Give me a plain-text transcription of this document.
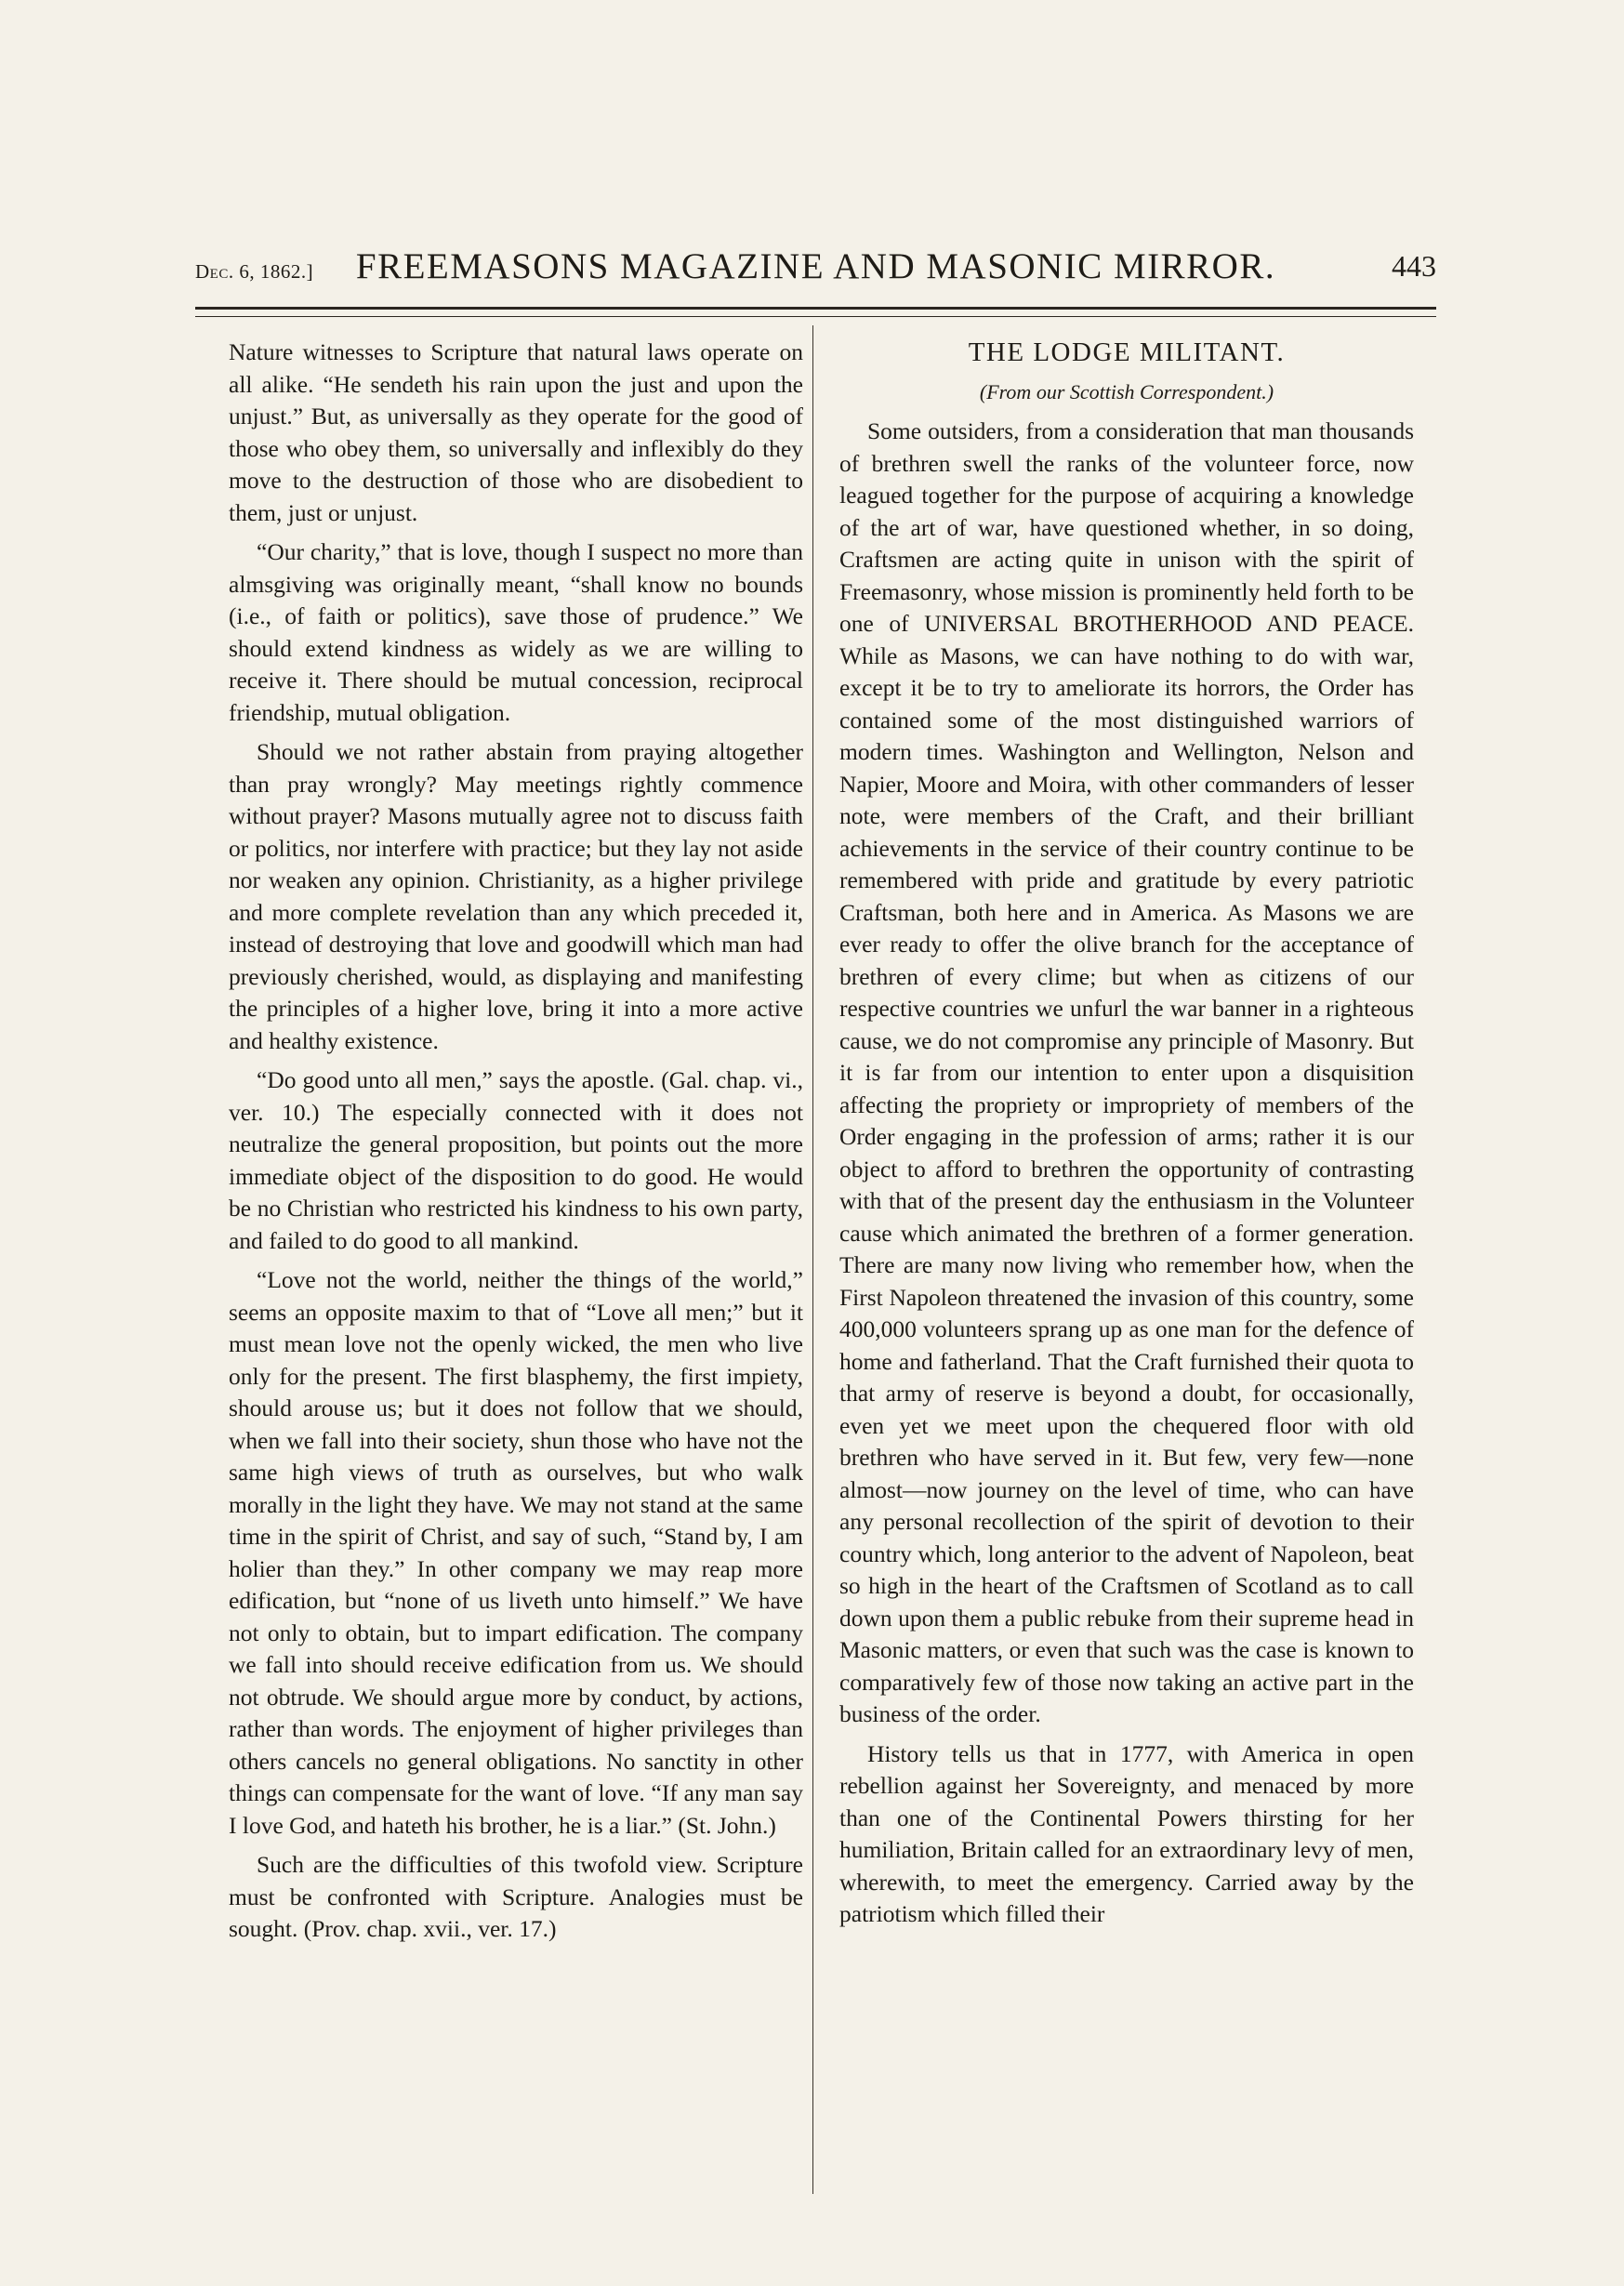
Dec. 6, 1862.]	FREEMASONS MAGAZINE AND MASONIC MIRROR.	443

Nature witnesses to Scripture that natural laws operate on all alike. “He sendeth his rain upon the just and upon the unjust.” But, as universally as they operate for the good of those who obey them, so universally and inflexibly do they move to the destruction of those who are disobedient to them, just or unjust.

“Our charity,” that is love, though I suspect no more than almsgiving was originally meant, “shall know no bounds (i.e., of faith or politics), save those of prudence.” We should extend kindness as widely as we are willing to receive it. There should be mutual concession, reciprocal friendship, mutual obligation.

Should we not rather abstain from praying altogether than pray wrongly? May meetings rightly commence without prayer? Masons mutually agree not to discuss faith or politics, nor interfere with practice; but they lay not aside nor weaken any opinion. Christianity, as a higher privilege and more complete revelation than any which preceded it, instead of destroying that love and goodwill which man had previously cherished, would, as displaying and manifesting the principles of a higher love, bring it into a more active and healthy existence.

“Do good unto all men,” says the apostle. (Gal. chap. vi., ver. 10.) The especially connected with it does not neutralize the general proposition, but points out the more immediate object of the disposition to do good. He would be no Christian who restricted his kindness to his own party, and failed to do good to all mankind.

“Love not the world, neither the things of the world,” seems an opposite maxim to that of “Love all men;” but it must mean love not the openly wicked, the men who live only for the present. The first blasphemy, the first impiety, should arouse us; but it does not follow that we should, when we fall into their society, shun those who have not the same high views of truth as ourselves, but who walk morally in the light they have. We may not stand at the same time in the spirit of Christ, and say of such, “Stand by, I am holier than they.” In other company we may reap more edification, but “none of us liveth unto himself.” We have not only to obtain, but to impart edification. The company we fall into should receive edification from us. We should not obtrude. We should argue more by conduct, by actions, rather than words. The enjoyment of higher privileges than others cancels no general obligations. No sanctity in other things can compensate for the want of love. “If any man say I love God, and hateth his brother, he is a liar.” (St. John.)

Such are the difficulties of this twofold view. Scripture must be confronted with Scripture. Analogies must be sought. (Prov. chap. xvii., ver. 17.)

THE LODGE MILITANT.

(From our Scottish Correspondent.)

Some outsiders, from a consideration that man thousands of brethren swell the ranks of the volunteer force, now leagued together for the purpose of acquiring a knowledge of the art of war, have questioned whether, in so doing, Craftsmen are acting quite in unison with the spirit of Freemasonry, whose mission is prominently held forth to be one of UNIVERSAL BROTHERHOOD AND PEACE. While as Masons, we can have nothing to do with war, except it be to try to ameliorate its horrors, the Order has contained some of the most distinguished warriors of modern times. Washington and Wellington, Nelson and Napier, Moore and Moira, with other commanders of lesser note, were members of the Craft, and their brilliant achievements in the service of their country continue to be remembered with pride and gratitude by every patriotic Craftsman, both here and in America. As Masons we are ever ready to offer the olive branch for the acceptance of brethren of every clime; but when as citizens of our respective countries we unfurl the war banner in a righteous cause, we do not compromise any principle of Masonry. But it is far from our intention to enter upon a disquisition affecting the propriety or impropriety of members of the Order engaging in the profession of arms; rather it is our object to afford to brethren the opportunity of contrasting with that of the present day the enthusiasm in the Volunteer cause which animated the brethren of a former generation. There are many now living who remember how, when the First Napoleon threatened the invasion of this country, some 400,000 volunteers sprang up as one man for the defence of home and fatherland. That the Craft furnished their quota to that army of reserve is beyond a doubt, for occasionally, even yet we meet upon the chequered floor with old brethren who have served in it. But few, very few—none almost—now journey on the level of time, who can have any personal recollection of the spirit of devotion to their country which, long anterior to the advent of Napoleon, beat so high in the heart of the Craftsmen of Scotland as to call down upon them a public rebuke from their supreme head in Masonic matters, or even that such was the case is known to comparatively few of those now taking an active part in the business of the order.

History tells us that in 1777, with America in open rebellion against her Sovereignty, and menaced by more than one of the Continental Powers thirsting for her humiliation, Britain called for an extraordinary levy of men, wherewith, to meet the emergency. Carried away by the patriotism which filled their
